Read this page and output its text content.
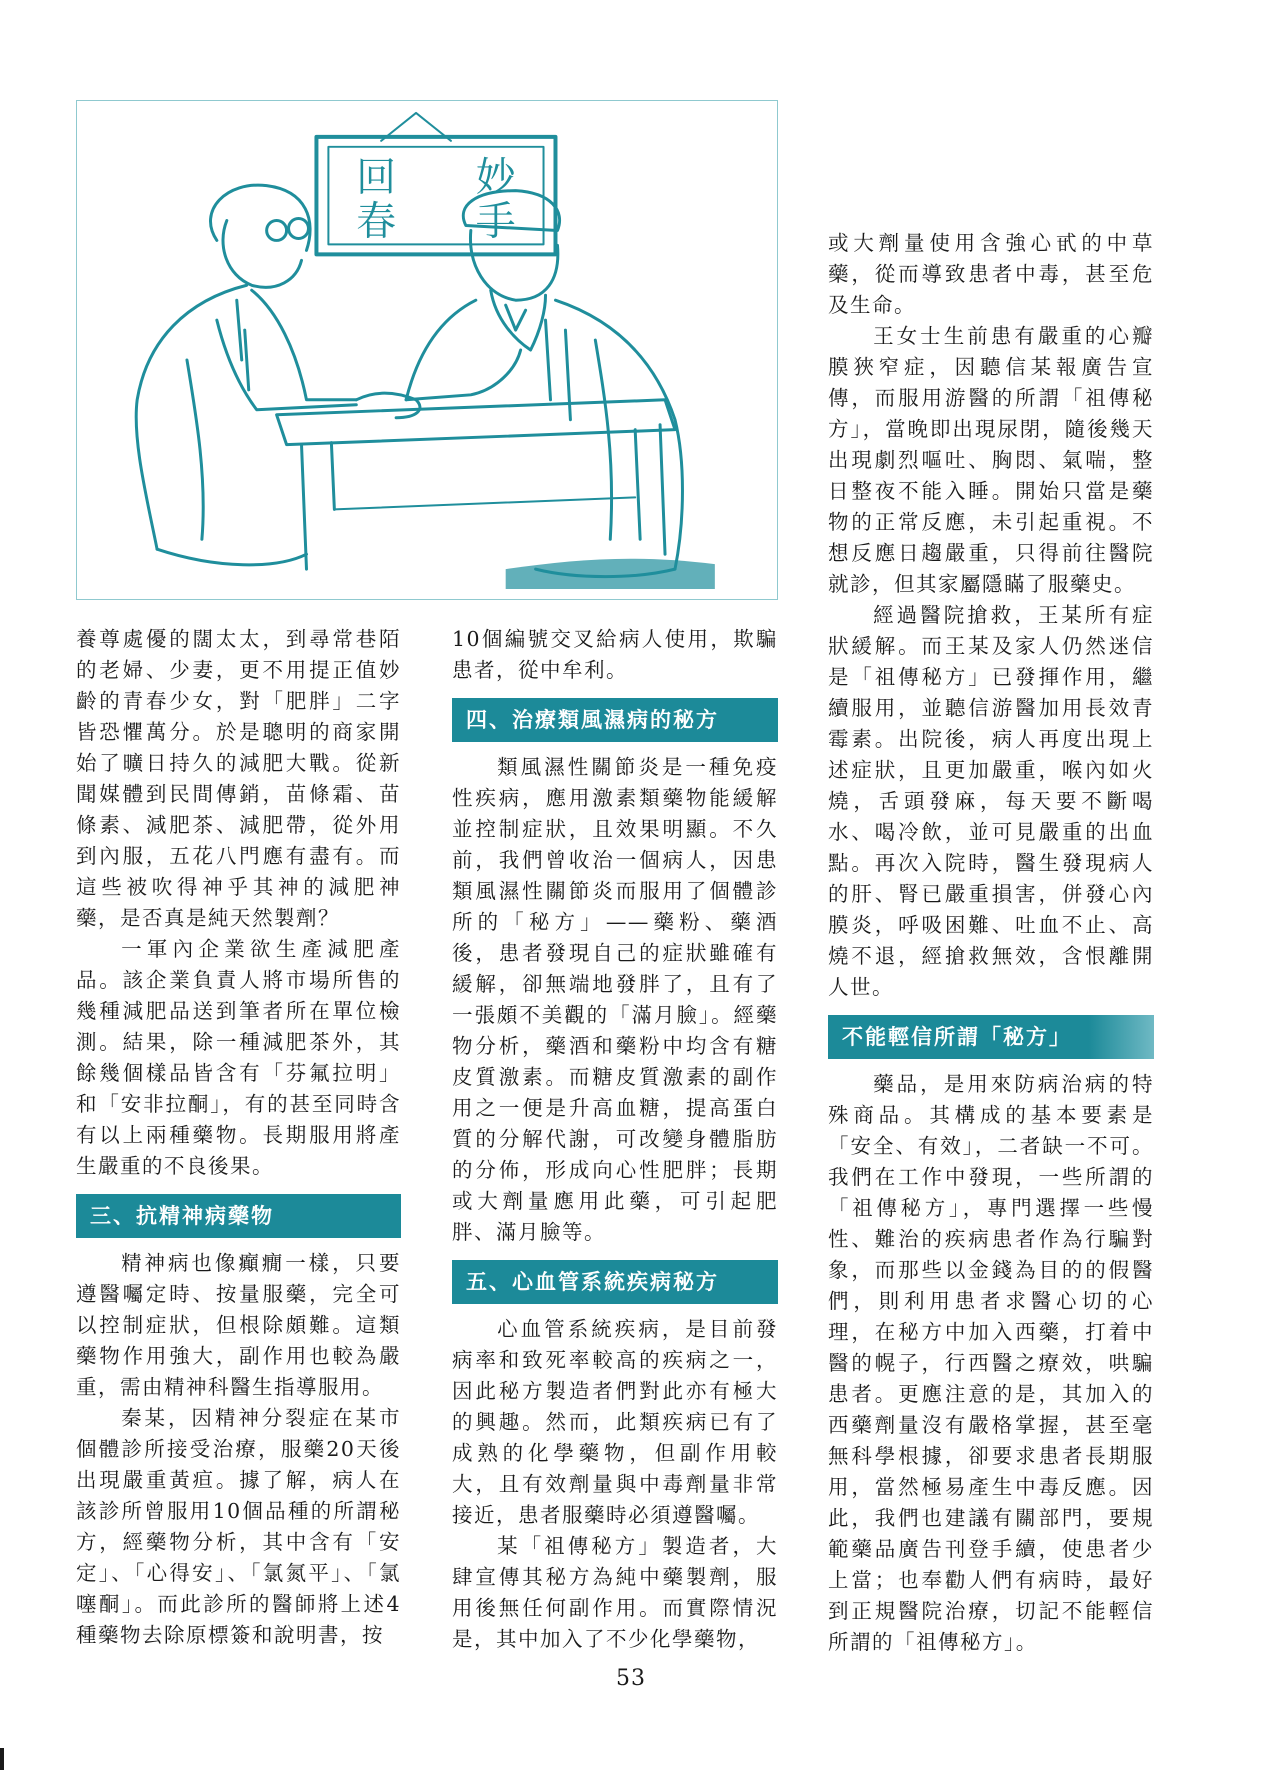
回
春
妙
手

養尊處優的闊太太，到尋常巷陌的老婦、少妻，更不用提正值妙齡的青春少女，對「肥胖」二字皆恐懼萬分。於是聰明的商家開始了曠日持久的減肥大戰。從新聞媒體到民間傳銷，苗條霜、苗條素、減肥茶、減肥帶，從外用到內服，五花八門應有盡有。而這些被吹得神乎其神的減肥神藥，是否真是純天然製劑？

一軍內企業欲生產減肥產品。該企業負責人將市場所售的幾種減肥品送到筆者所在單位檢測。結果，除一種減肥茶外，其餘幾個樣品皆含有「芬氟拉明」和「安非拉酮」，有的甚至同時含有以上兩種藥物。長期服用將產生嚴重的不良後果。

三、抗精神病藥物

精神病也像癲癇一樣，只要遵醫囑定時、按量服藥，完全可以控制症狀，但根除頗難。這類藥物作用強大，副作用也較為嚴重，需由精神科醫生指導服用。

秦某，因精神分裂症在某市個體診所接受治療，服藥20天後出現嚴重黃疸。據了解，病人在該診所曾服用10個品種的所謂秘方，經藥物分析，其中含有「安定」、「心得安」、「氯氮平」、「氯噻酮」。而此診所的醫師將上述4種藥物去除原標簽和說明書，按

10個編號交叉給病人使用，欺騙患者，從中牟利。

四、治療類風濕病的秘方

類風濕性關節炎是一種免疫性疾病，應用激素類藥物能緩解並控制症狀，且效果明顯。不久前，我們曾收治一個病人，因患類風濕性關節炎而服用了個體診所的「秘方」——藥粉、藥酒後，患者發現自己的症狀雖確有緩解，卻無端地發胖了，且有了一張頗不美觀的「滿月臉」。經藥物分析，藥酒和藥粉中均含有糖皮質激素。而糖皮質激素的副作用之一便是升高血糖，提高蛋白質的分解代謝，可改變身體脂肪的分佈，形成向心性肥胖；長期或大劑量應用此藥，可引起肥胖、滿月臉等。

五、心血管系統疾病秘方

心血管系統疾病，是目前發病率和致死率較高的疾病之一，因此秘方製造者們對此亦有極大的興趣。然而，此類疾病已有了成熟的化學藥物，但副作用較大，且有效劑量與中毒劑量非常接近，患者服藥時必須遵醫囑。

某「祖傳秘方」製造者，大肆宣傳其秘方為純中藥製劑，服用後無任何副作用。而實際情況是，其中加入了不少化學藥物，

或大劑量使用含強心甙的中草藥，從而導致患者中毒，甚至危及生命。

王女士生前患有嚴重的心瓣膜狹窄症，因聽信某報廣告宣傳，而服用游醫的所謂「祖傳秘方」，當晚即出現尿閉，隨後幾天出現劇烈嘔吐、胸悶、氣喘，整日整夜不能入睡。開始只當是藥物的正常反應，未引起重視。不想反應日趨嚴重，只得前往醫院就診，但其家屬隱瞞了服藥史。

經過醫院搶救，王某所有症狀緩解。而王某及家人仍然迷信是「祖傳秘方」已發揮作用，繼續服用，並聽信游醫加用長效青霉素。出院後，病人再度出現上述症狀，且更加嚴重，喉內如火燒，舌頭發麻，每天要不斷喝水、喝冷飲，並可見嚴重的出血點。再次入院時，醫生發現病人的肝、腎已嚴重損害，併發心內膜炎，呼吸困難、吐血不止、高燒不退，經搶救無效，含恨離開人世。

不能輕信所謂「秘方」

藥品，是用來防病治病的特殊商品。其構成的基本要素是「安全、有效」，二者缺一不可。我們在工作中發現，一些所謂的「祖傳秘方」，專門選擇一些慢性、難治的疾病患者作為行騙對象，而那些以金錢為目的的假醫們，則利用患者求醫心切的心理，在秘方中加入西藥，打着中醫的幌子，行西醫之療效，哄騙患者。更應注意的是，其加入的西藥劑量沒有嚴格掌握，甚至毫無科學根據，卻要求患者長期服用，當然極易產生中毒反應。因此，我們也建議有關部門，要規範藥品廣告刊登手續，使患者少上當；也奉勸人們有病時，最好到正規醫院治療，切記不能輕信所謂的「祖傳秘方」。

53
